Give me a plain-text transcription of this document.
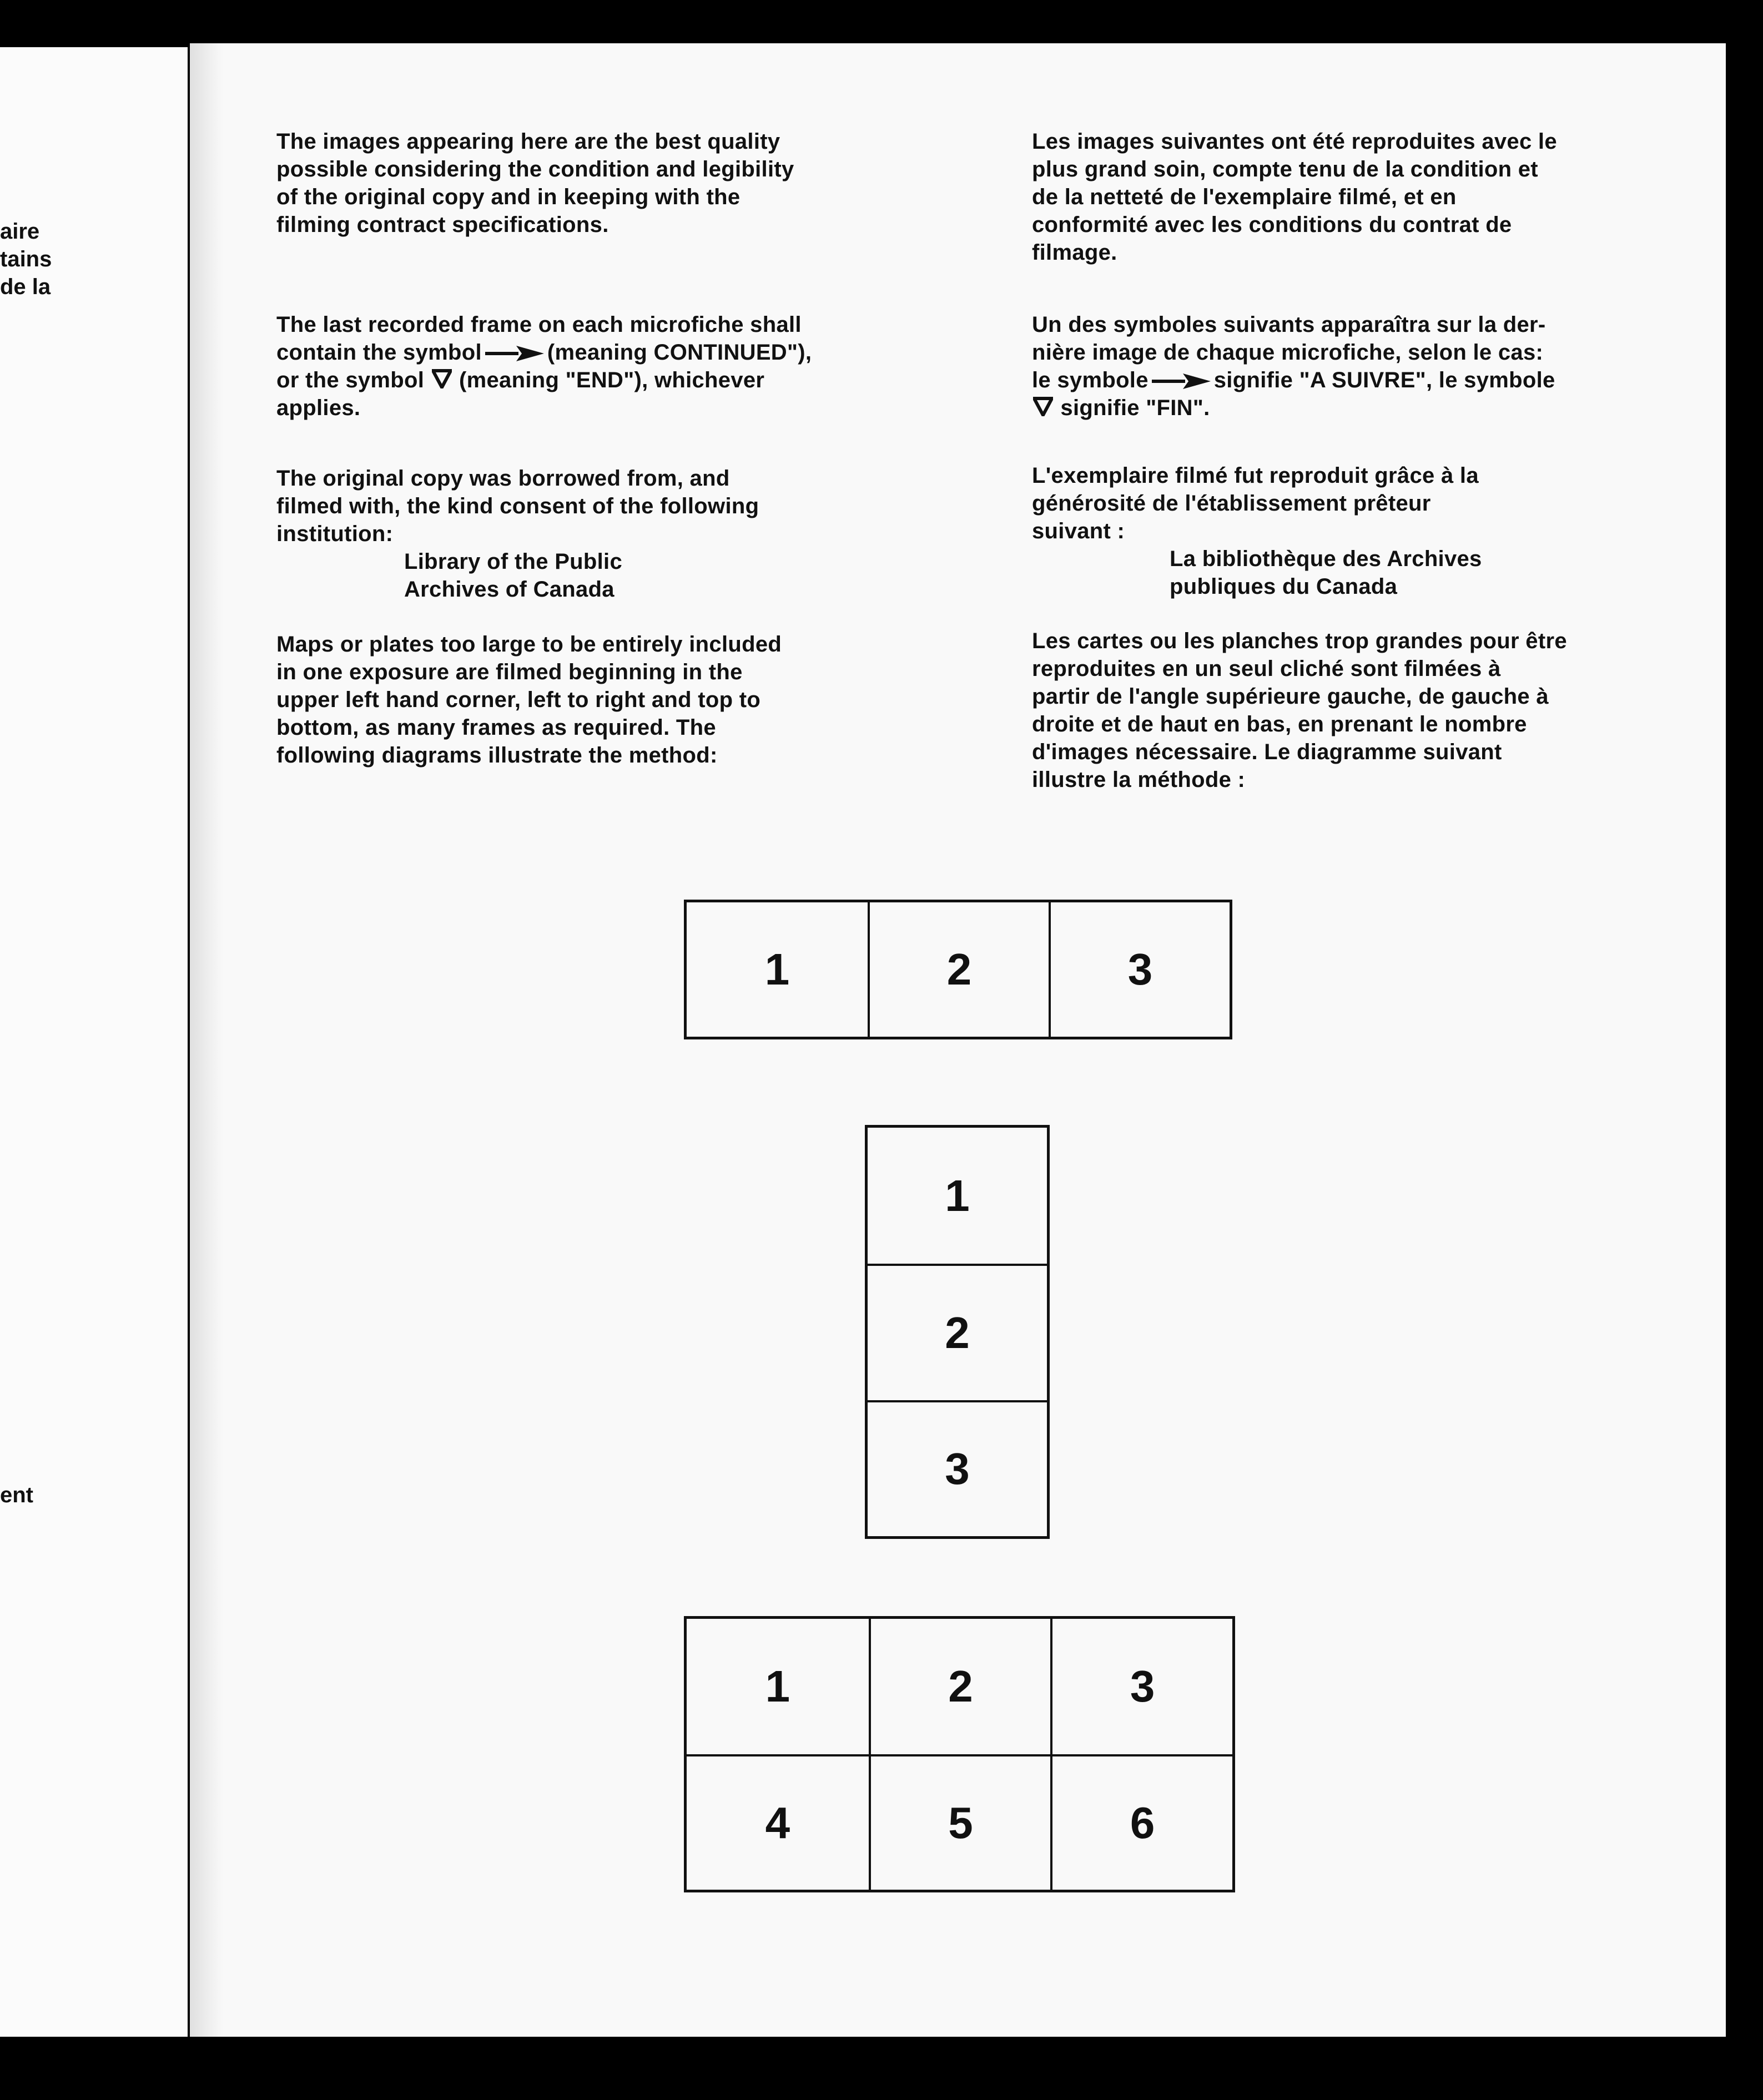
aire
tains
de la
ent
The images appearing here are the best quality
possible considering the condition and legibility
of the original copy and in keeping with the
filming contract specifications.
The last recorded frame on each microfiche shall
contain the symbol	(meaning CONTINUED"),
or the symbol (meaning "END"), whichever
applies.
The original copy was borrowed from, and
filmed with, the kind consent of the following
institution:

Library of the Public
Archives of Canada
Maps or plates too large to be entirely included
in one exposure are filmed beginning in the
upper left hand corner, left to right and top to
bottom, as many frames as required. The
following diagrams illustrate the method:
Les images suivantes ont été reproduites avec le
plus grand soin, compte tenu de la condition et
de la netteté de l'exemplaire filmé, et en
conformité avec les conditions du contrat de
filmage.
Un des symboles suivants apparaîtra sur la der-
nière image de chaque microfiche, selon le cas:
le symbole	signifie "A SUIVRE", le symbole
signifie "FIN".
L'exemplaire filmé fut reproduit grâce à la
générosité de l'établissement prêteur
suivant :

La bibliothèque des Archives
publiques du Canada
Les cartes ou les planches trop grandes pour être
reproduites en un seul cliché sont filmées à
partir de l'angle supérieure gauche, de gauche à
droite et de haut en bas, en prenant le nombre
d'images nécessaire. Le diagramme suivant
illustre la méthode :
1	2	3
1
2
3
1	2	3
4	5	6
